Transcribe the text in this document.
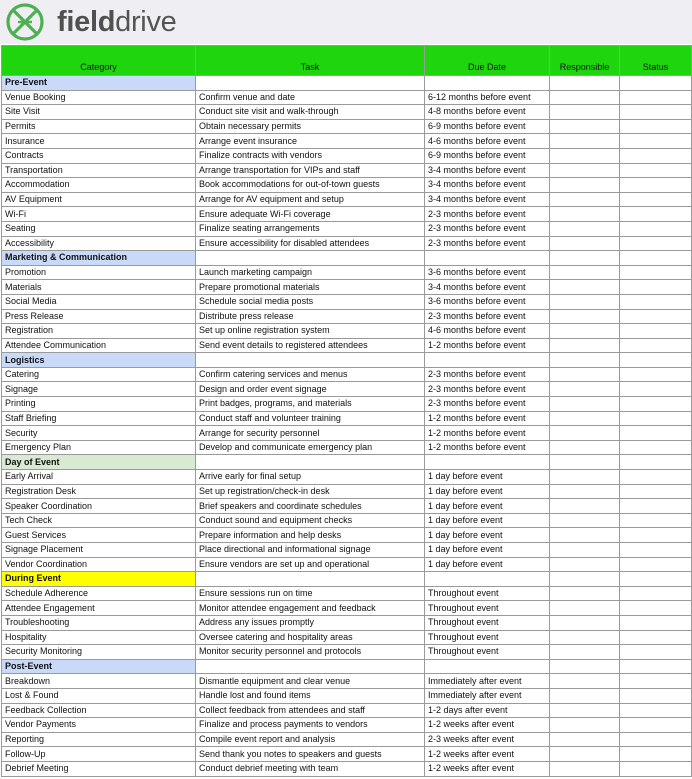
fielddrive
Category	Task	Due Date	Responsible	Status
Pre-Event				
Venue Booking	Confirm venue and date	6-12 months before event		
Site Visit	Conduct site visit and walk-through	4-8 months before event		
Permits	Obtain necessary permits	6-9 months before event		
Insurance	Arrange event insurance	4-6 months before event		
Contracts	Finalize contracts with vendors	6-9 months before event		
Transportation	Arrange transportation for VIPs and staff	3-4 months before event		
Accommodation	Book accommodations for out-of-town guests	3-4 months before event		
AV Equipment	Arrange for AV equipment and setup	3-4 months before event		
Wi-Fi	Ensure adequate Wi-Fi coverage	2-3 months before event		
Seating	Finalize seating arrangements	2-3 months before event		
Accessibility	Ensure accessibility for disabled attendees	2-3 months before event		
Marketing & Communication				
Promotion	Launch marketing campaign	3-6 months before event		
Materials	Prepare promotional materials	3-4 months before event		
Social Media	Schedule social media posts	3-6 months before event		
Press Release	Distribute press release	2-3 months before event		
Registration	Set up online registration system	4-6 months before event		
Attendee Communication	Send event details to registered attendees	1-2 months before event		
Logistics				
Catering	Confirm catering services and menus	2-3 months before event		
Signage	Design and order event signage	2-3 months before event		
Printing	Print badges, programs, and materials	2-3 months before event		
Staff Briefing	Conduct staff and volunteer training	1-2 months before event		
Security	Arrange for security personnel	1-2 months before event		
Emergency Plan	Develop and communicate emergency plan	1-2 months before event		
Day of Event				
Early Arrival	Arrive early for final setup	1 day before event		
Registration Desk	Set up registration/check-in desk	1 day before event		
Speaker Coordination	Brief speakers and coordinate schedules	1 day before event		
Tech Check	Conduct sound and equipment checks	1 day before event		
Guest Services	Prepare information and help desks	1 day before event		
Signage Placement	Place directional and informational signage	1 day before event		
Vendor Coordination	Ensure vendors are set up and operational	1 day before event		
During Event				
Schedule Adherence	Ensure sessions run on time	Throughout event		
Attendee Engagement	Monitor attendee engagement and feedback	Throughout event		
Troubleshooting	Address any issues promptly	Throughout event		
Hospitality	Oversee catering and hospitality areas	Throughout event		
Security Monitoring	Monitor security personnel and protocols	Throughout event		
Post-Event				
Breakdown	Dismantle equipment and clear venue	Immediately after event		
Lost & Found	Handle lost and found items	Immediately after event		
Feedback Collection	Collect feedback from attendees and staff	1-2 days after event		
Vendor Payments	Finalize and process payments to vendors	1-2 weeks after event		
Reporting	Compile event report and analysis	2-3 weeks after event		
Follow-Up	Send thank you notes to speakers and guests	1-2 weeks after event		
Debrief Meeting	Conduct debrief meeting with team	1-2 weeks after event		
